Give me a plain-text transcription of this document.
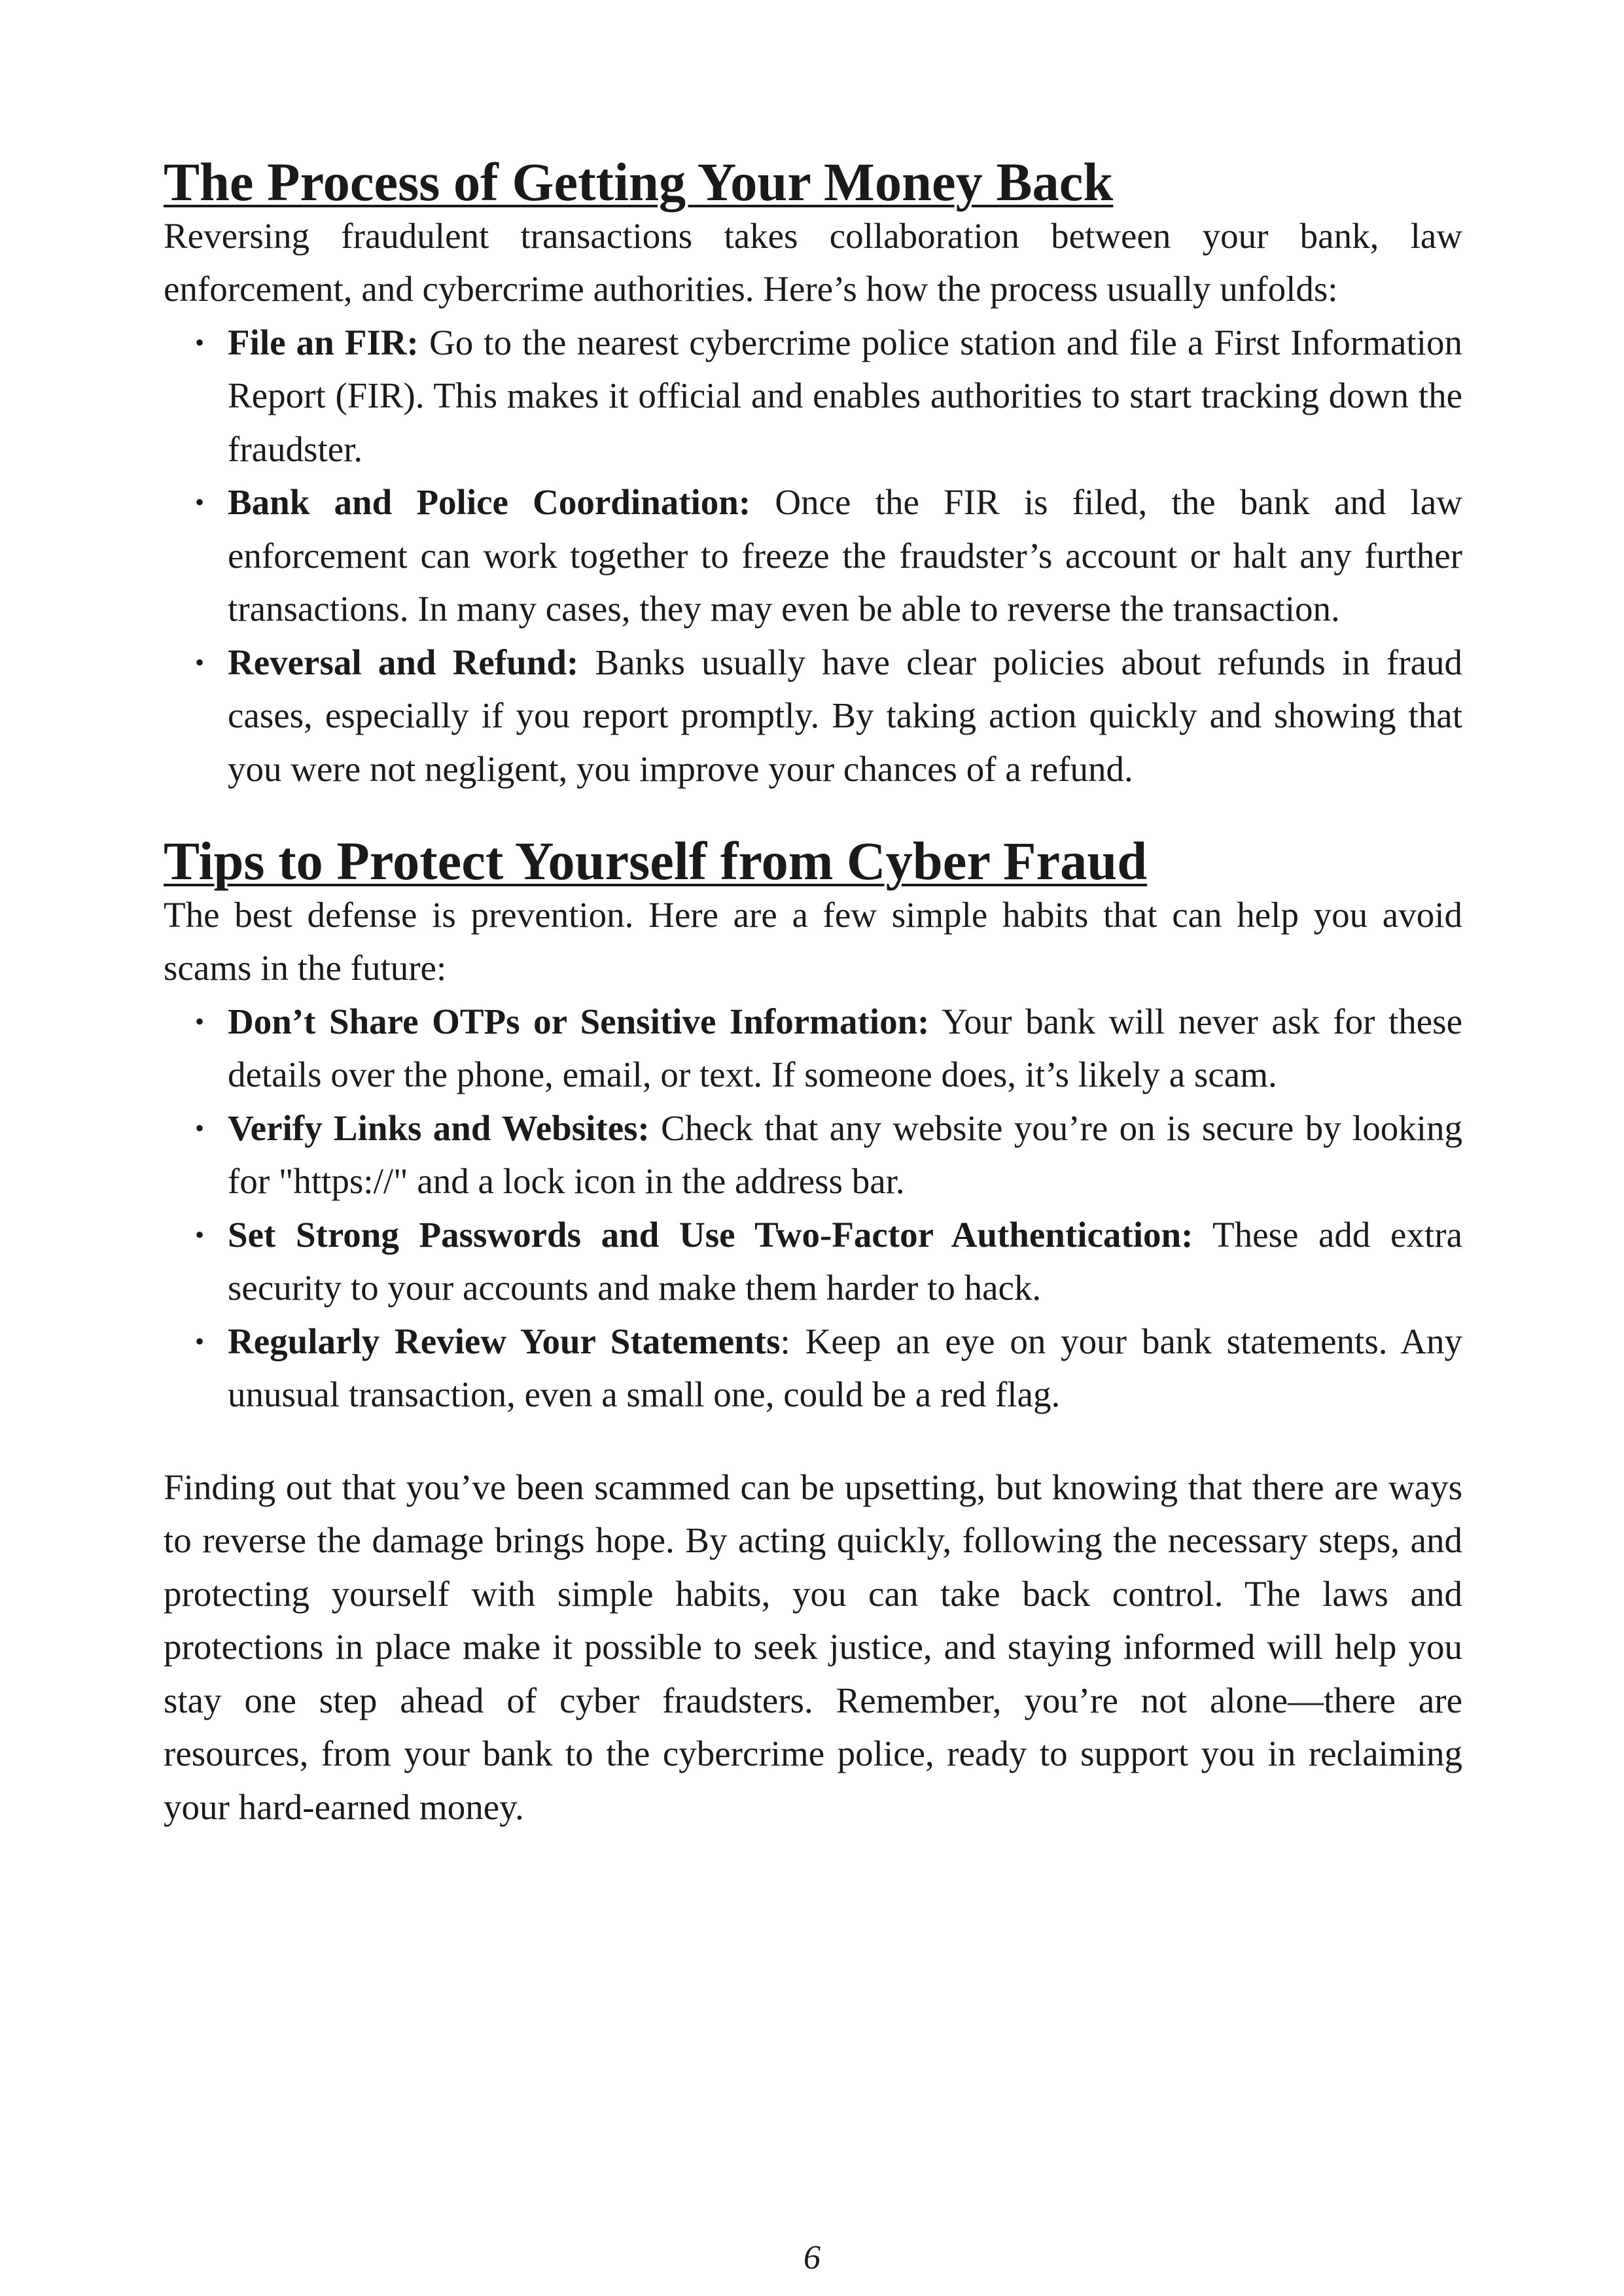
The Process of Getting Your Money Back

Reversing fraudulent transactions takes collaboration between your bank, law enforcement, and cybercrime authorities. Here’s how the process usually unfolds:

• File an FIR: Go to the nearest cybercrime police station and file a First Information Report (FIR). This makes it official and enables authorities to start tracking down the fraudster.
• Bank and Police Coordination: Once the FIR is filed, the bank and law enforcement can work together to freeze the fraudster’s account or halt any further transactions. In many cases, they may even be able to reverse the transaction.
• Reversal and Refund: Banks usually have clear policies about refunds in fraud cases, especially if you report promptly. By taking action quickly and showing that you were not negligent, you improve your chances of a refund.
Tips to Protect Yourself from Cyber Fraud

The best defense is prevention. Here are a few simple habits that can help you avoid scams in the future:

• Don’t Share OTPs or Sensitive Information: Your bank will never ask for these details over the phone, email, or text. If someone does, it’s likely a scam.
• Verify Links and Websites: Check that any website you’re on is secure by looking for "https://" and a lock icon in the address bar.
• Set Strong Passwords and Use Two-Factor Authentication: These add extra security to your accounts and make them harder to hack.
• Regularly Review Your Statements: Keep an eye on your bank statements. Any unusual transaction, even a small one, could be a red flag.

Finding out that you’ve been scammed can be upsetting, but knowing that there are ways to reverse the damage brings hope. By acting quickly, following the necessary steps, and protecting yourself with simple habits, you can take back control. The laws and protections in place make it possible to seek justice, and staying informed will help you stay one step ahead of cyber fraudsters. Remember, you’re not alone—there are resources, from your bank to the cybercrime police, ready to support you in reclaiming your hard-earned money.

6
